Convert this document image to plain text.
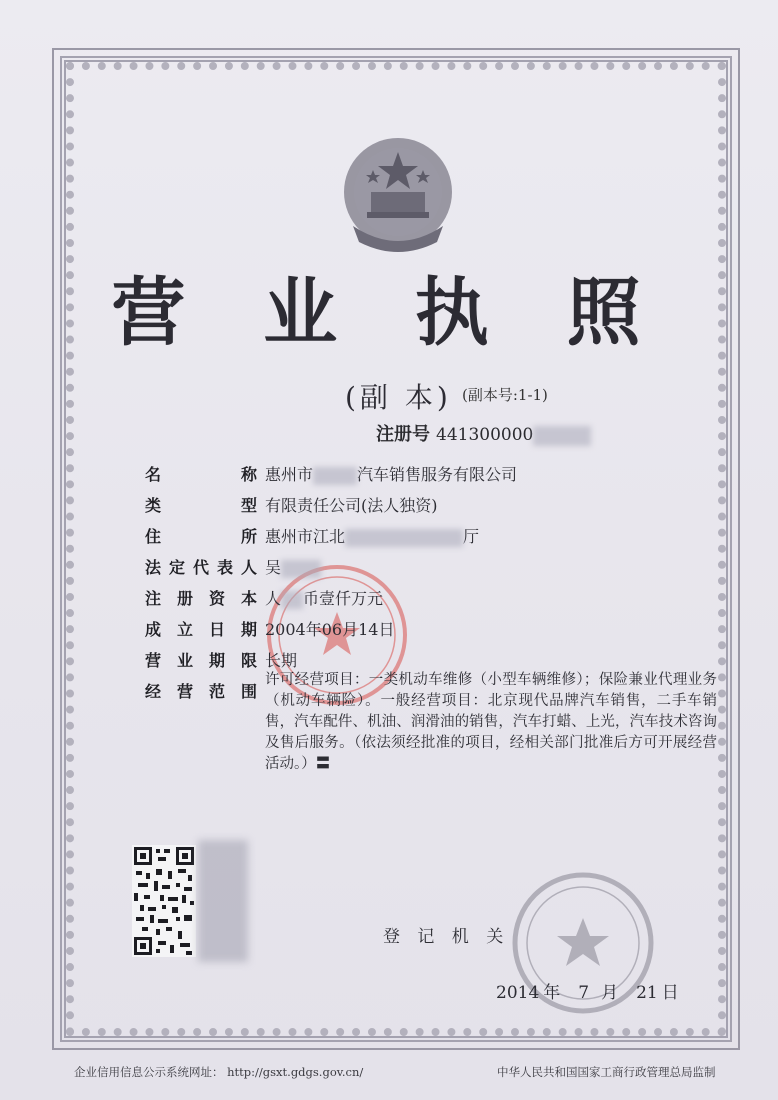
营 业 执 照
(副 本) (副本号:1-1)
注册号 441300000
名	称 惠州市	汽车销售服务有限公司
类	型 有限责任公司(法人独资)
住	所 惠州市江北	厅
法 定 代 表 人 吴
注 册 资 本 人 币壹仟万元
成 立 日 期 2004年06月14日
营 业 期 限 长期
经 营 范 围
许可经营项目：一类机动车维修（小型车辆维修）；保险兼业代理业务（机动车辆险）。一般经营项目：北京现代品牌汽车销售，二手车销售，汽车配件、机油、润滑油的销售，汽车打蜡、上光，汽车技术咨询及售后服务。（依法须经批准的项目，经相关部门批准后方可开展经营活动。）〓
登 记 机 关
2014 年 7 月 21 日
企业信用信息公示系统网址： http://gsxt.gdgs.gov.cn/	中华人民共和国国家工商行政管理总局监制
